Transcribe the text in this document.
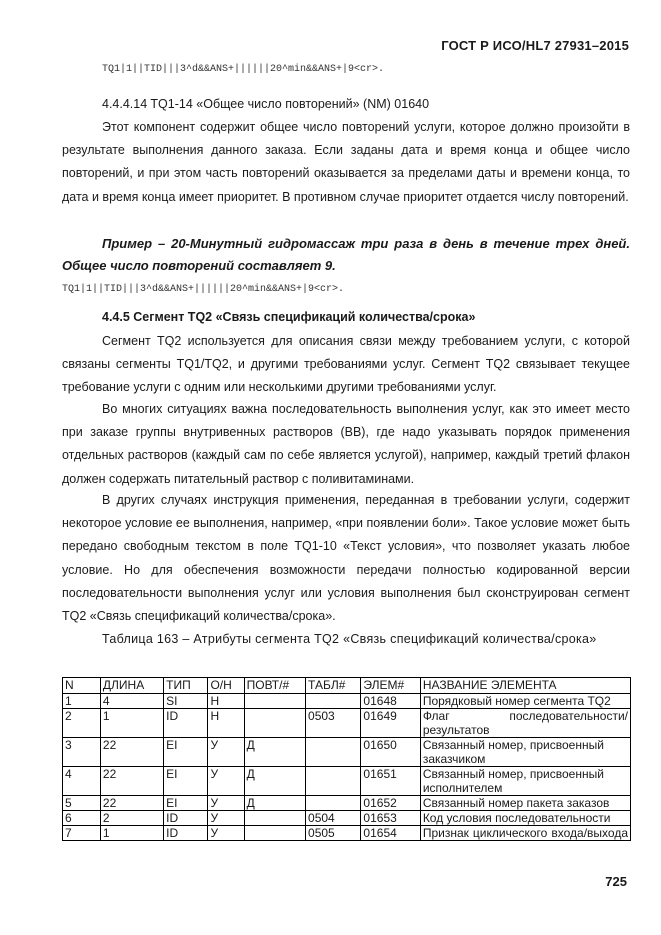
ГОСТ Р ИСО/HL7 27931–2015
TQ1|1||TID|||3^d&&ANS+||||||20^min&&ANS+|9<cr>.
4.4.4.14 TQ1-14 «Общее число повторений» (NM) 01640
Этот компонент содержит общее число повторений услуги, которое должно произойти в результате выполнения данного заказа. Если заданы дата и время конца и общее число повторений, и при этом часть повторений оказывается за пределами даты и времени конца, то дата и время конца имеет приоритет. В противном случае приоритет отдается числу повторений.
Пример – 20-Минутный гидромассаж три раза в день в течение трех дней. Общее число повторений составляет 9.
TQ1|1||TID|||3^d&&ANS+||||||20^min&&ANS+|9<cr>.
4.4.5 Сегмент TQ2 «Связь спецификаций количества/срока»
Сегмент TQ2 используется для описания связи между требованием услуги, с которой связаны сегменты TQ1/TQ2, и другими требованиями услуг. Сегмент TQ2 связывает текущее требование услуги с одним или несколькими другими требованиями услуг.
Во многих ситуациях важна последовательность выполнения услуг, как это имеет место при заказе группы внутривенных растворов (ВВ), где надо указывать порядок применения отдельных растворов (каждый сам по себе является услугой), например, каждый третий флакон должен содержать питательный раствор с поливитаминами.
В других случаях инструкция применения, переданная в требовании услуги, содержит некоторое условие ее выполнения, например, «при появлении боли». Такое условие может быть передано свободным текстом в поле TQ1-10 «Текст условия», что позволяет указать любое условие. Но для обеспечения возможности передачи полностью кодированной версии последовательности выполнения услуг или условия выполнения был сконструирован сегмент TQ2 «Связь спецификаций количества/срока».
Таблица 163 – Атрибуты сегмента TQ2 «Связь спецификаций количества/срока»
N	ДЛИНА	ТИП	О/Н	ПОВТ/#	ТАБЛ#	ЭЛЕМ#	НАЗВАНИЕ ЭЛЕМЕНТА
1	4	SI	Н			01648	Порядковый номер сегмента TQ2
2	1	ID	Н		0503	01649	Флаг последовательности/результатов
3	22	EI	У	Д		01650	Связанный номер, присвоенный заказчиком
4	22	EI	У	Д		01651	Связанный номер, присвоенный исполнителем
5	22	EI	У	Д		01652	Связанный номер пакета заказов
6	2	ID	У		0504	01653	Код условия последовательности
7	1	ID	У		0505	01654	Признак циклического входа/выхода
725
